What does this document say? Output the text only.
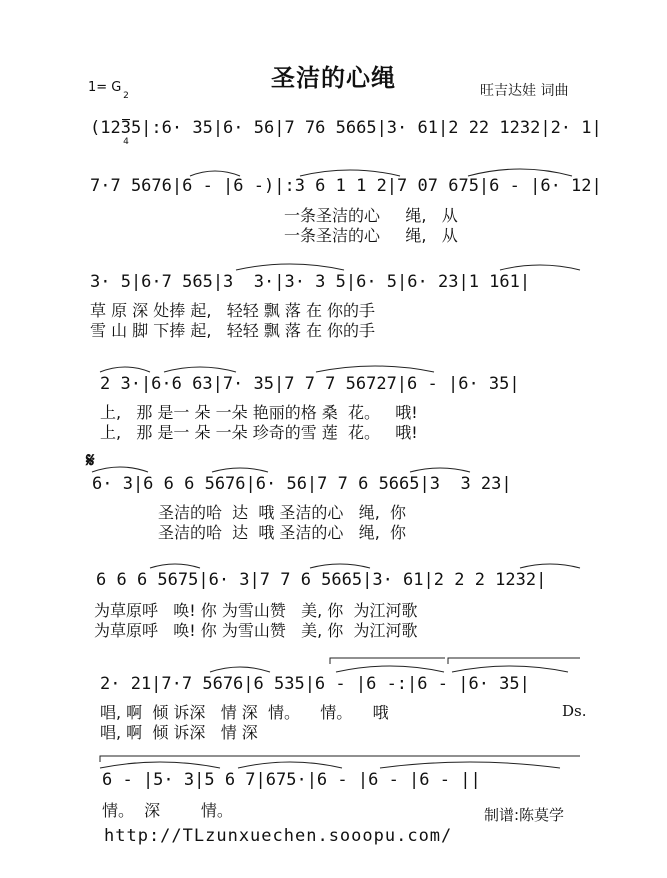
圣洁的心绳
1= G

2

4

旺吉达娃 词曲
(1235|:6· 35|6· 56|7 76 5665|3· 61|2 22 1232|2· 1|
7·7 5676|6 - |6 -)|:3 6 1 1 2|7 07 675|6 - |6· 12|
一条圣洁的心     绳,   从
一条圣洁的心     绳,   从
3· 5|6·7 565|3  3·|3· 3 5|6· 5|6· 23|1 161|
草 原 深 处捧 起,   轻轻 飘 落 在 你的手
雪 山 脚 下捧 起,   轻轻 飘 落 在 你的手
2 3·|6·6 63|7· 35|7 7 7 56727|6 - |6· 35|
上,   那 是一 朵 一朵 艳丽的格 桑  花。   哦!
上,   那 是一 朵 一朵 珍奇的雪 莲  花。   哦!
𝄋
6· 3|6 6 6 5676|6· 56|7 7 6 5665|3  3 23|
圣洁的哈  达  哦 圣洁的心   绳,  你
圣洁的哈  达  哦 圣洁的心   绳,  你
6 6 6 5675|6· 3|7 7 6 5665|3· 61|2 2 2 1232|
为草原呼   唤! 你 为雪山赞   美, 你  为江河歌
为草原呼   唤! 你 为雪山赞   美, 你  为江河歌
2· 21|7·7 5676|6 535|6 - |6 -:|6 - |6· 35|
唱, 啊  倾 诉深   情 深  情。    情。    哦
唱, 啊  倾 诉深   情 深
Ds.
6 - |5· 3|5 6 7|675·|6 - |6 - |6 - ||
情。  深        情。	制谱:陈莫学
http://TLzunxuechen.sooopu.com/
